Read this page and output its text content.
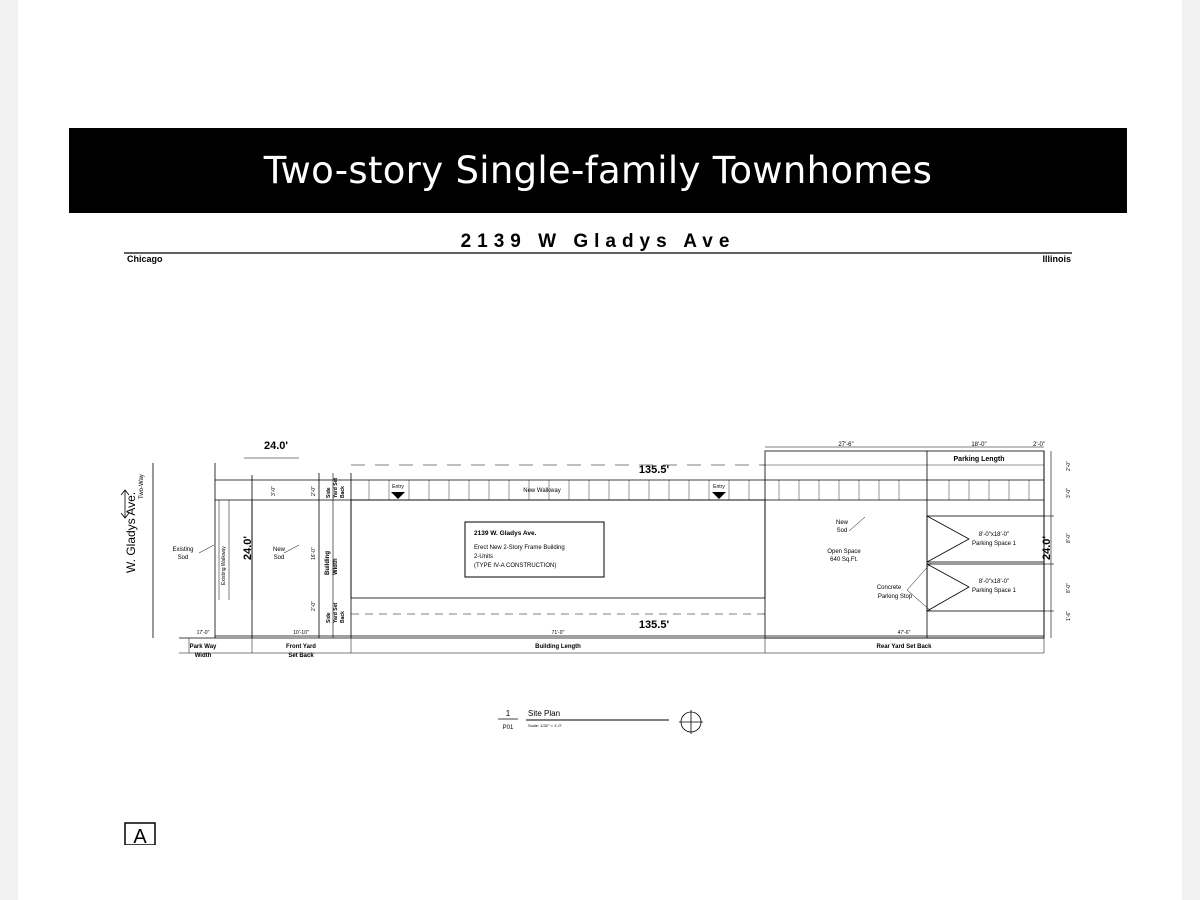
Two-story Single-family Townhomes
2139 W Gladys Ave
Chicago	Illinois
W. Gladys Ave.
Two-Way
24.0'
135.5'
135.5'
24.0'	24.0'
27'-6"	18'-0"	2'-0"
Parking Length
Existing
Sod
New
Sod
New
Sod
Existing Walkway
New Walkway
Entry	Entry
Building Width
Side Yard Set Back
Side Yard Set Back
3'-0"	2'-0"
16'-0"
2'-0"
2'-0"
3'-0"
8'-0"
8'-0"
1'-6"
2139 W. Gladys Ave.
Erect New 2-Story Frame Building
2-Units
(TYPE IV-A CONSTRUCTION)
Open Space
640 Sq.Ft.
Concrete
Parking Stop
8'-0"x18'-0"
Parking Space 1
8'-0"x18'-0"
Parking Space 1
17'-0"	10'-10"	71'-0"	47'-6"
Park Way
Width
Front Yard
Set Back
Building Length	Rear Yard Set Back
1
P01
Site Plan
Scale: 1/32" = 1'-0"
A
